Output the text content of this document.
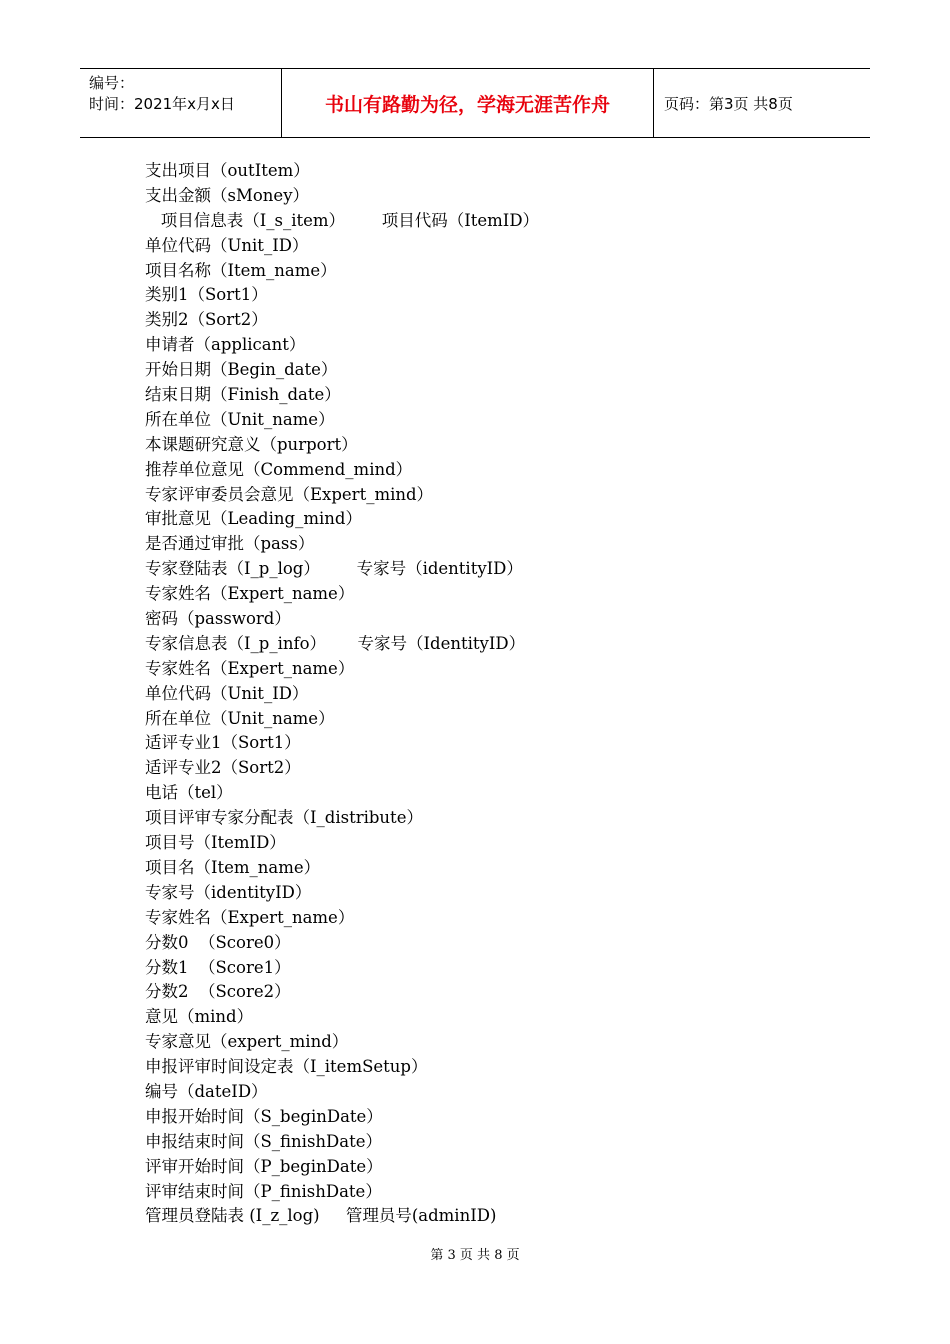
编号：
时间：2021年x月x日	书山有路勤为径，学海无涯苦作舟	页码：第3页 共8页
支出项目（outItem）
支出金额（sMoney）
项目信息表（I_s_item）       项目代码（ItemID）
单位代码（Unit_ID）
项目名称（Item_name）
类别1（Sort1）
类别2（Sort2）
申请者（applicant）
开始日期（Begin_date）
结束日期（Finish_date）
所在单位（Unit_name）
本课题研究意义（purport）
推荐单位意见（Commend_mind）
专家评审委员会意见（Expert_mind）
审批意见（Leading_mind）
是否通过审批（pass）
专家登陆表（I_p_log）       专家号（identityID）
专家姓名（Expert_name）
密码（password）
专家信息表（I_p_info）      专家号（IdentityID）
专家姓名（Expert_name）
单位代码（Unit_ID）
所在单位（Unit_name）
适评专业1（Sort1）
适评专业2（Sort2）
电话（tel）
项目评审专家分配表（I_distribute）
项目号（ItemID）
项目名（Item_name）
专家号（identityID）
专家姓名（Expert_name）
分数0  （Score0）
分数1  （Score1）
分数2  （Score2）
意见（mind）
专家意见（expert_mind）
申报评审时间设定表（I_itemSetup）
编号（dateID）
申报开始时间（S_beginDate）
申报结束时间（S_finishDate）
评审开始时间（P_beginDate）
评审结束时间（P_finishDate）
管理员登陆表 (I_z_log)     管理员号(adminID)
第 3 页 共 8 页
